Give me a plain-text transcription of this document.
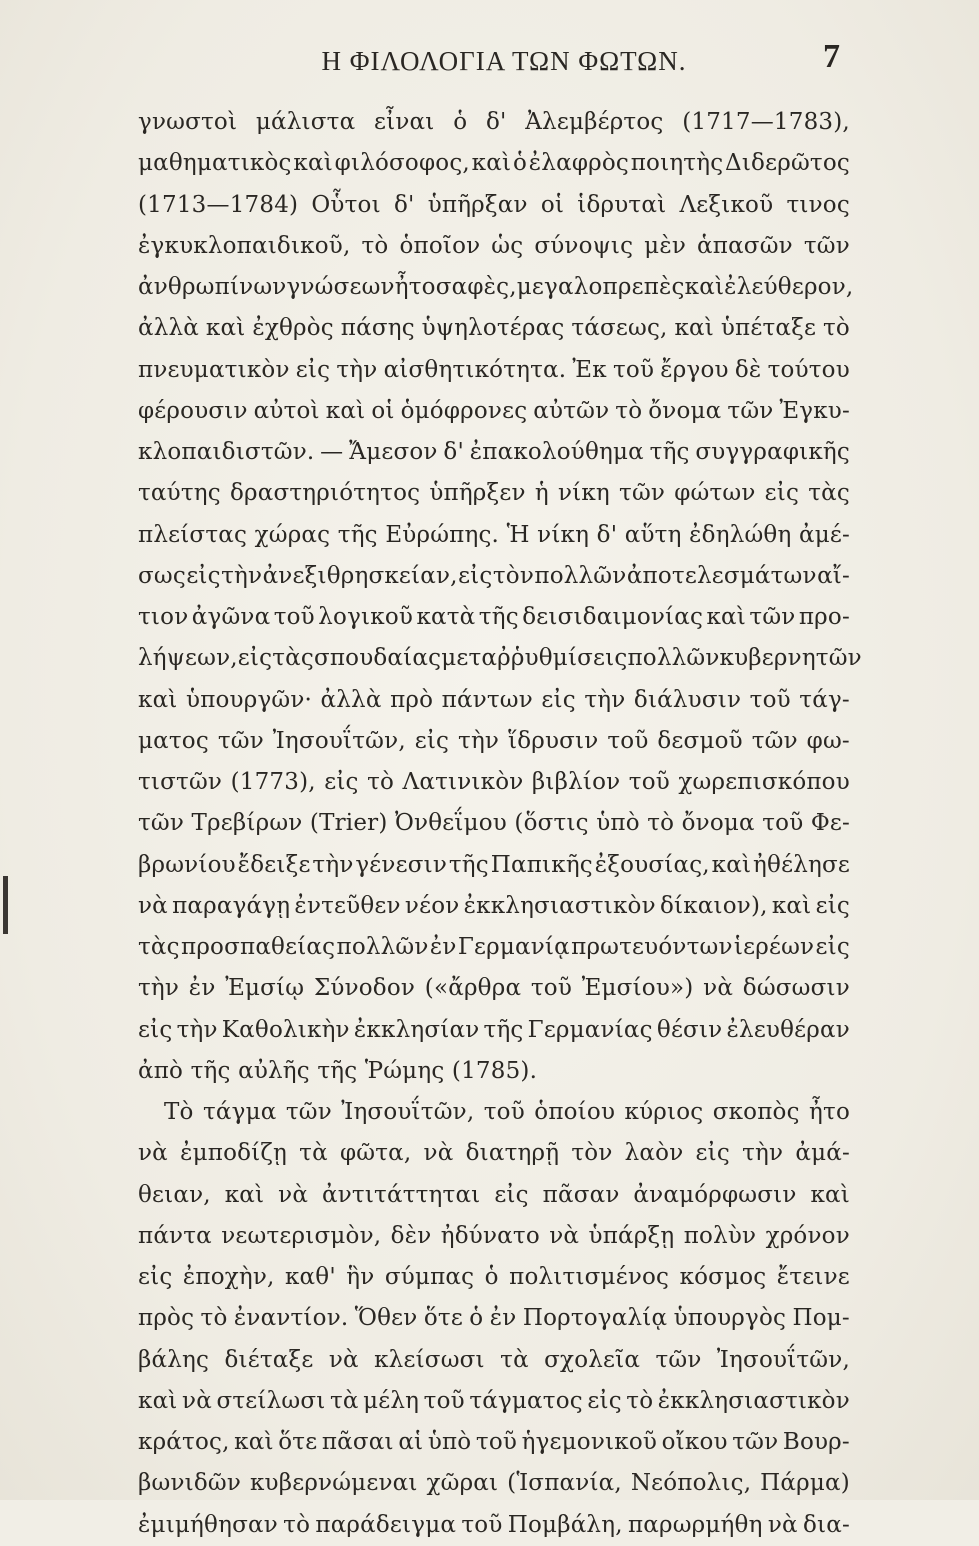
Η ΦΙΛΟΛΟΓΙΑ ΤΩΝ ΦΩΤΩΝ.	7
γνωστοὶ μάλιστα εἶναι ὁ δ' Ἀλεμβέρτος (1717—1783),
μαθηματικὸς καὶ φιλόσοφος, καὶ ὁ ἐλαφρὸς ποιητὴς Διδερῶτος
(1713—1784) Οὗτοι δ' ὑπῆρξαν οἱ ἱδρυταὶ Λεξικοῦ τινος
ἐγκυκλοπαιδικοῦ, τὸ ὁποῖον ὡς σύνοψις μὲν ἁπασῶν τῶν
ἀνθρωπίνων γνώσεων ἦτο σαφὲς, μεγαλοπρεπὲς καὶ ἐλεύθερον,
ἀλλὰ καὶ ἐχθρὸς πάσης ὑψηλοτέρας τάσεως, καὶ ὑπέταξε τὸ
πνευματικὸν εἰς τὴν αἰσθητικότητα. Ἐκ τοῦ ἔργου δὲ τούτου
φέρουσιν αὐτοὶ καὶ οἱ ὁμόφρονες αὐτῶν τὸ ὄνομα τῶν Ἐγκυ-
κλοπαιδιστῶν. — Ἄμεσον δ' ἐπακολούθημα τῆς συγγραφικῆς
ταύτης δραστηριότητος ὑπῆρξεν ἡ νίκη τῶν φώτων εἰς τὰς
πλείστας χώρας τῆς Εὐρώπης. Ἡ νίκη δ' αὕτη ἐδηλώθη ἀμέ-
σως εἰς τὴν ἀνεξιθρησκείαν, εἰς τὸν πολλῶν ἀποτελεσμάτων αἴ-
τιον ἀγῶνα τοῦ λογικοῦ κατὰ τῆς δεισιδαιμονίας καὶ τῶν προ-
λήψεων, εἰς τὰς σπουδαίας μεταῤῥυθμίσεις πολλῶν κυβερνητῶν
καὶ ὑπουργῶν· ἀλλὰ πρὸ πάντων εἰς τὴν διάλυσιν τοῦ τάγ-
ματος τῶν Ἰησουΐτῶν, εἰς τὴν ἵδρυσιν τοῦ δεσμοῦ τῶν φω-
τιστῶν (1773), εἰς τὸ Λατινικὸν βιβλίον τοῦ χωρεπισκόπου
τῶν Τρεβίρων (Trier) Ὀνθεΐμου (ὅστις ὑπὸ τὸ ὄνομα τοῦ Φε-
βρωνίου ἔδειξε τὴν γένεσιν τῆς Παπικῆς ἐξουσίας, καὶ ἠθέλησε
νὰ παραγάγῃ ἐντεῦθεν νέον ἐκκλησιαστικὸν δίκαιον), καὶ εἰς
τὰς προσπαθείας πολλῶν ἐν Γερμανίᾳ πρωτευόντων ἱερέων εἰς
τὴν ἐν Ἐμσίῳ Σύνοδον («ἄρθρα τοῦ Ἐμσίου») νὰ δώσωσιν
εἰς τὴν Καθολικὴν ἐκκλησίαν τῆς Γερμανίας θέσιν ἐλευθέραν
ἀπὸ τῆς αὐλῆς τῆς Ῥώμης (1785).
Τὸ τάγμα τῶν Ἰησουΐτῶν, τοῦ ὁποίου κύριος σκοπὸς ἦτο
νὰ ἐμποδίζῃ τὰ φῶτα, νὰ διατηρῇ τὸν λαὸν εἰς τὴν ἀμά-
θειαν, καὶ νὰ ἀντιτάττηται εἰς πᾶσαν ἀναμόρφωσιν καὶ
πάντα νεωτερισμὸν, δὲν ἠδύνατο νὰ ὑπάρξῃ πολὺν χρόνον
εἰς ἐποχὴν, καθ' ἣν σύμπας ὁ πολιτισμένος κόσμος ἔτεινε
πρὸς τὸ ἐναντίον. Ὅθεν ὅτε ὁ ἐν Πορτογαλίᾳ ὑπουργὸς Πομ-
βάλης διέταξε νὰ κλείσωσι τὰ σχολεῖα τῶν Ἰησουΐτῶν,
καὶ νὰ στείλωσι τὰ μέλη τοῦ τάγματος εἰς τὸ ἐκκλησιαστικὸν
κράτος, καὶ ὅτε πᾶσαι αἱ ὑπὸ τοῦ ἡγεμονικοῦ οἴκου τῶν Βουρ-
βωνιδῶν κυβερνώμεναι χῶραι (Ἱσπανία, Νεόπολις, Πάρμα)
ἐμιμήθησαν τὸ παράδειγμα τοῦ Πομβάλη, παρωρμήθη νὰ δια-
